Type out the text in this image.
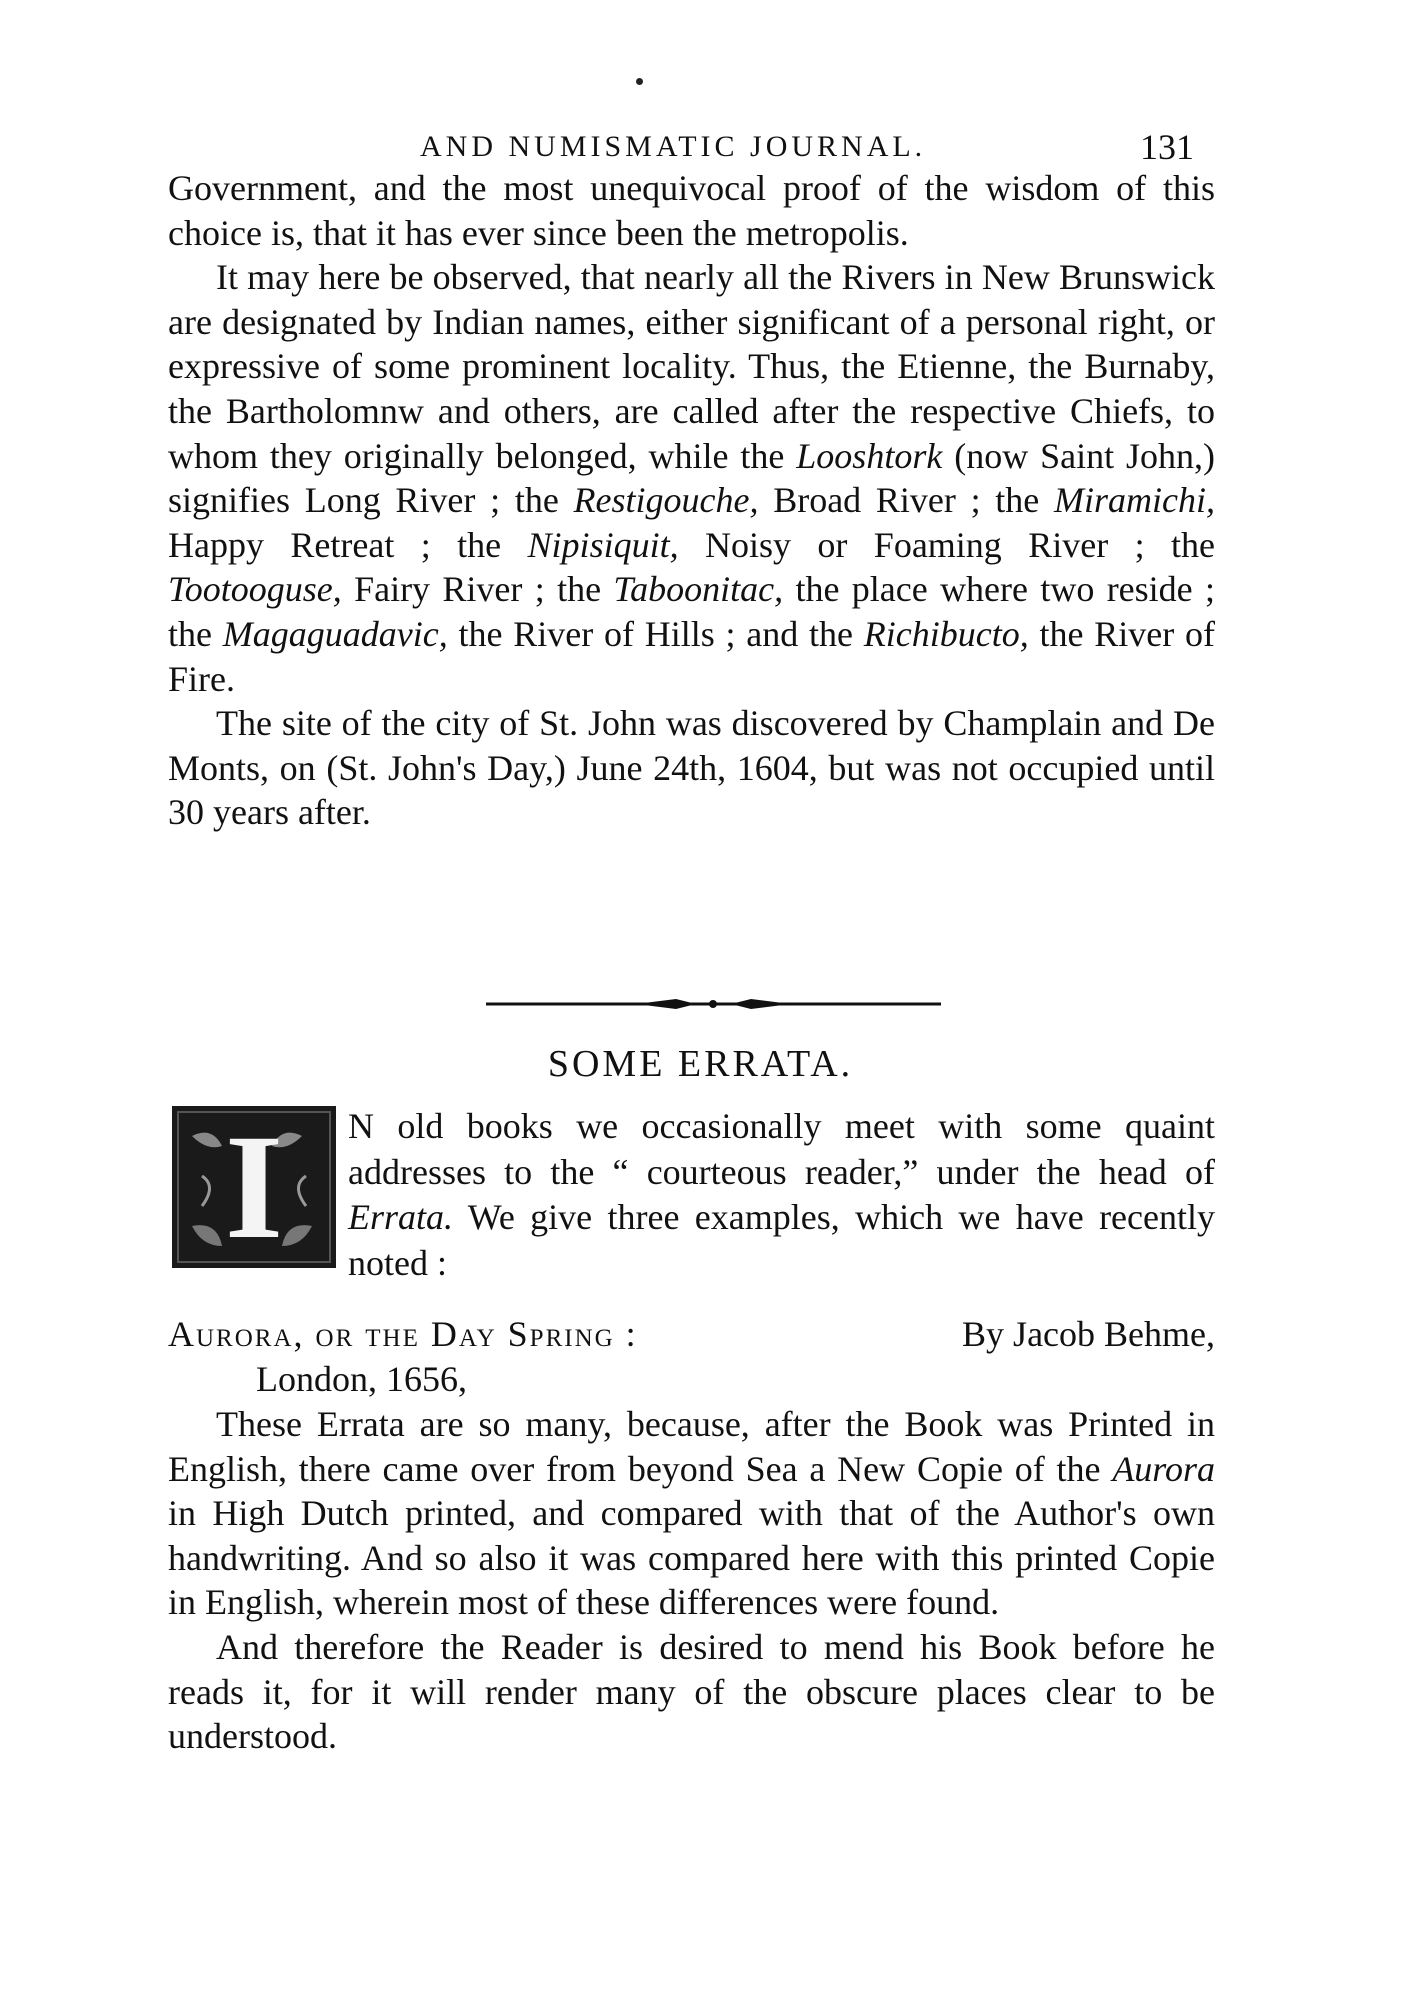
AND NUMISMATIC JOURNAL.	131

Government, and the most unequivocal proof of the wisdom of this choice is, that it has ever since been the metropolis.

It may here be observed, that nearly all the Rivers in New Brunswick are designated by Indian names, either significant of a personal right, or expressive of some prominent locality. Thus, the Etienne, the Burnaby, the Bartholomnw and others, are called after the respective Chiefs, to whom they originally belonged, while the Looshtork (now Saint John,) signifies Long River ; the Restigouche, Broad River ; the Miramichi, Happy Retreat ; the Nipisiquit, Noisy or Foaming River ; the Tootooguse, Fairy River ; the Taboonitac, the place where two reside ; the Magaguadavic, the River of Hills ; and the Richibucto, the River of Fire.

The site of the city of St. John was discovered by Champlain and De Monts, on (St. John's Day,) June 24th, 1604, but was not occupied until 30 years after.

SOME ERRATA.
I	N old books we occasionally meet with some quaint addresses to the “ courteous reader,” under the head of Errata. We give three examples, which we have recently noted :

Aurora, or the Day Spring :	By Jacob Behme,
London, 1656,

These Errata are so many, because, after the Book was Printed in English, there came over from beyond Sea a New Copie of the Aurora in High Dutch printed, and compared with that of the Author's own handwriting. And so also it was compared here with this printed Copie in English, wherein most of these differences were found.

And therefore the Reader is desired to mend his Book before he reads it, for it will render many of the obscure places clear to be understood.
